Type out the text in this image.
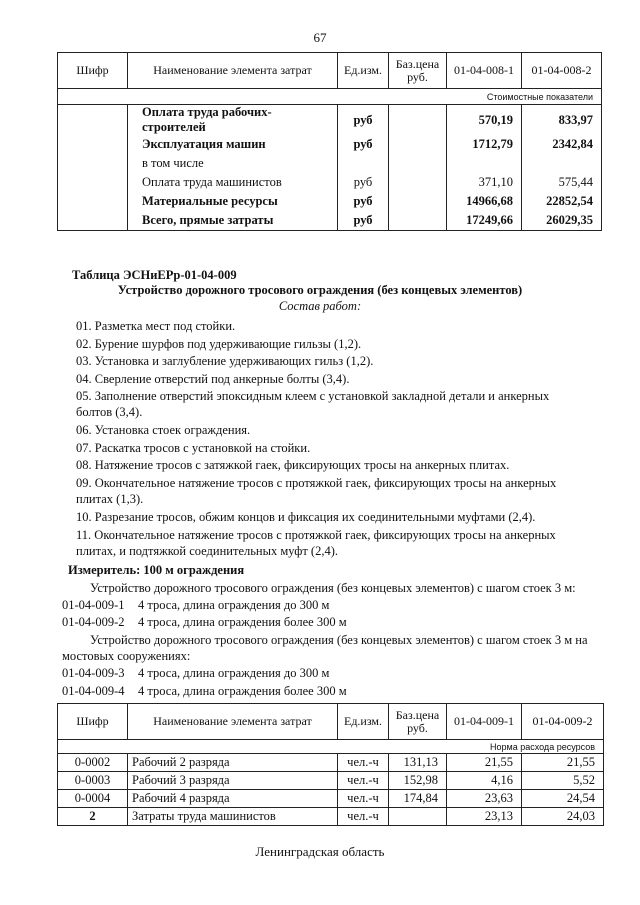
67
Шифр	Наименование элемента затрат	Ед.изм.	Баз.цена руб.	01-04-008-1	01-04-008-2
Стоимостные показатели					
	Оплата труда рабочих-строителей	руб		570,19	833,97
	Эксплуатация машин	руб		1712,79	2342,84
	в том числе				
	Оплата труда машинистов	руб		371,10	575,44
	Материальные ресурсы	руб		14966,68	22852,54
	Всего, прямые затраты	руб		17249,66	26029,35
Таблица ЭСНиЕРр-01-04-009
Устройство дорожного тросового ограждения (без концевых элементов)
Состав работ:
01. Разметка мест под стойки.
02. Бурение шурфов под удерживающие гильзы (1,2).
03. Установка и заглубление удерживающих гильз (1,2).
04. Сверление отверстий под анкерные болты (3,4).
05. Заполнение отверстий эпоксидным клеем с установкой закладной детали и анкерных болтов (3,4).
06. Установка стоек ограждения.
07. Раскатка тросов с установкой на стойки.
08. Натяжение тросов с затяжкой гаек, фиксирующих тросы на анкерных плитах.
09. Окончательное натяжение тросов с протяжкой гаек, фиксирующих тросы на анкерных плитах (1,3).
10. Разрезание тросов, обжим концов и фиксация их соединительными муфтами (2,4).
11. Окончательное натяжение тросов с протяжкой гаек, фиксирующих тросы на анкерных плитах, и подтяжкой соединительных муфт (2,4).
Измеритель: 100 м ограждения
Устройство дорожного тросового ограждения (без концевых элементов) с шагом стоек 3 м:
01-04-009-1 4 троса, длина ограждения до 300 м
01-04-009-2 4 троса, длина ограждения более 300 м
Устройство дорожного тросового ограждения (без концевых элементов) с шагом стоек 3 м на мостовых сооружениях:
01-04-009-3 4 троса, длина ограждения до 300 м
01-04-009-4 4 троса, длина ограждения более 300 м
Шифр	Наименование элемента затрат	Ед.изм.	Баз.цена руб.	01-04-009-1	01-04-009-2
Норма расхода ресурсов					
0-0002	Рабочий 2 разряда	чел.-ч	131,13	21,55	21,55
0-0003	Рабочий 3 разряда	чел.-ч	152,98	4,16	5,52
0-0004	Рабочий 4 разряда	чел.-ч	174,84	23,63	24,54
2	Затраты труда машинистов	чел.-ч		23,13	24,03
Ленинградская область
